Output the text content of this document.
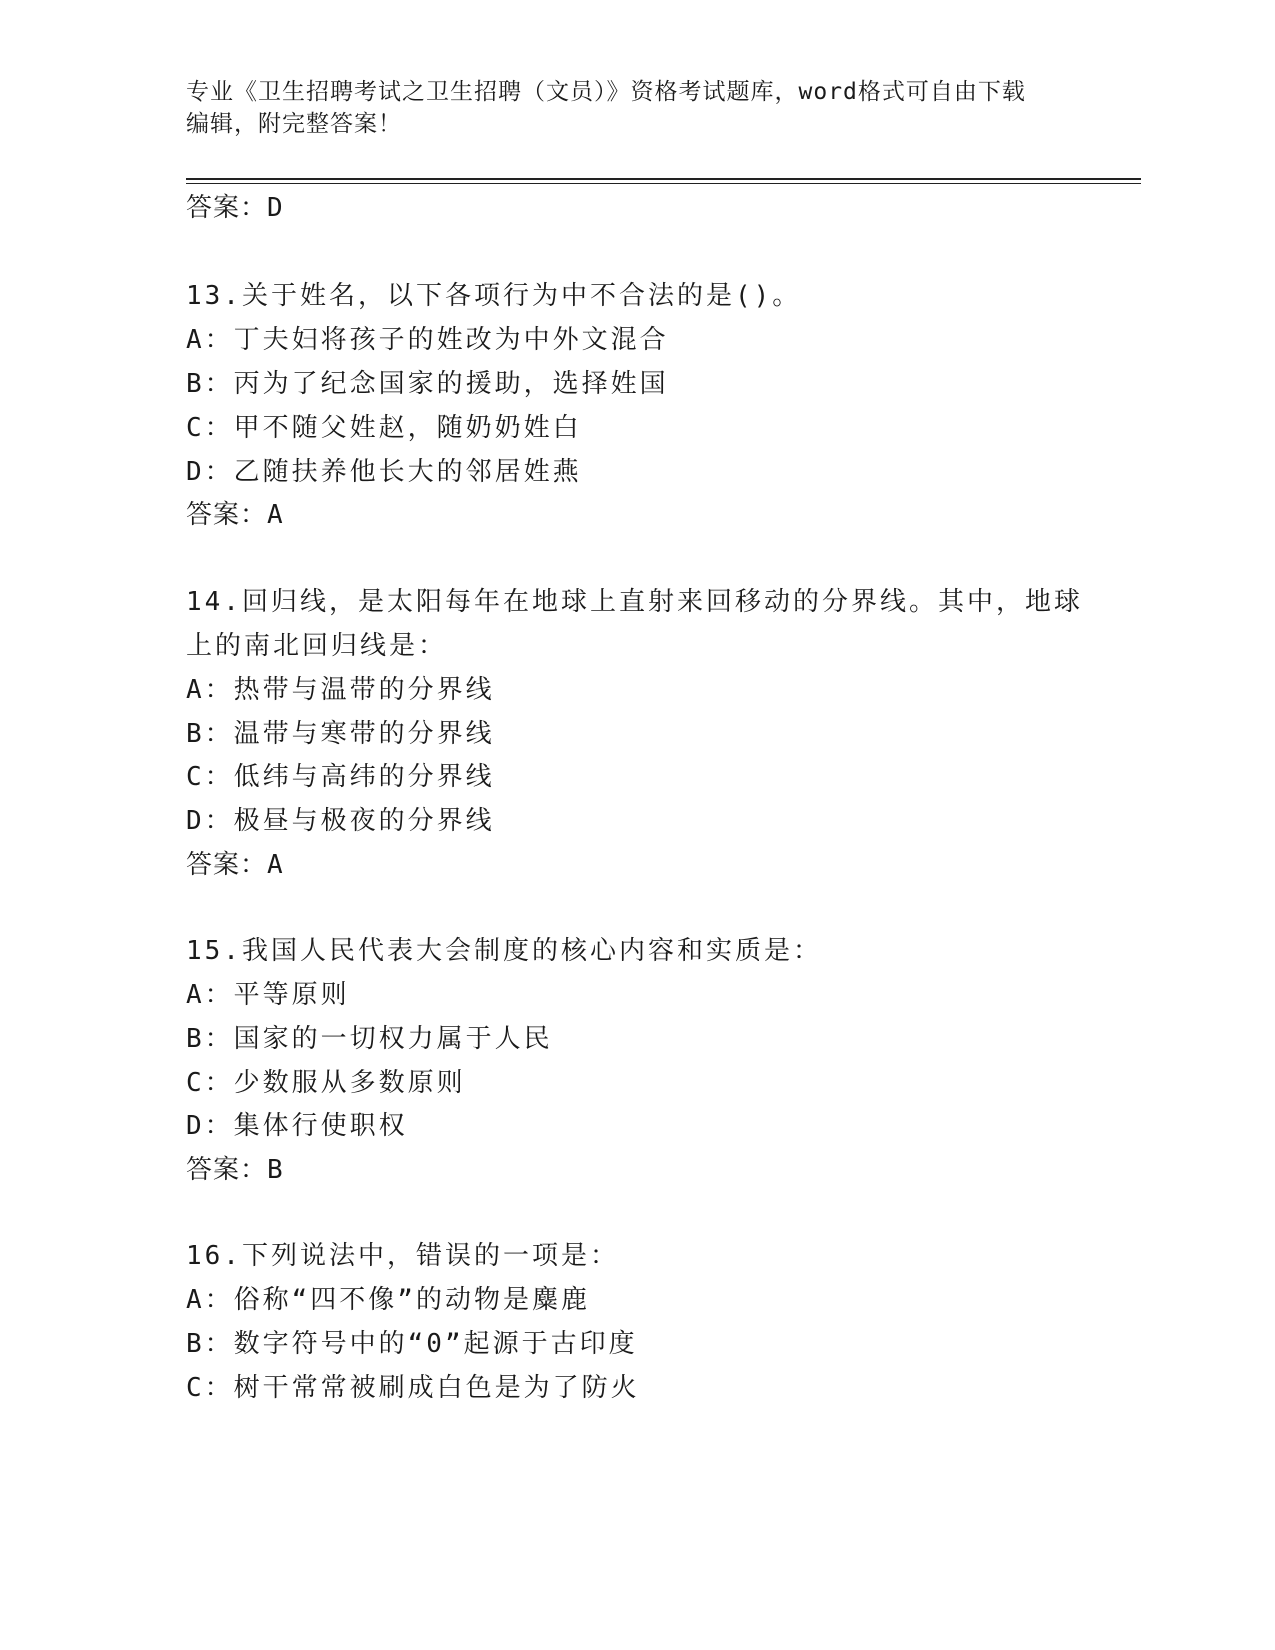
专业《卫生招聘考试之卫生招聘（文员）》资格考试题库，word格式可自由下载
编辑，附完整答案！
答案：D
13.关于姓名，以下各项行为中不合法的是()。
A：丁夫妇将孩子的姓改为中外文混合
B：丙为了纪念国家的援助，选择姓国
C：甲不随父姓赵，随奶奶姓白
D：乙随扶养他长大的邻居姓燕
答案：A
14.回归线，是太阳每年在地球上直射来回移动的分界线。其中，地球
上的南北回归线是：
A：热带与温带的分界线
B：温带与寒带的分界线
C：低纬与高纬的分界线
D：极昼与极夜的分界线
答案：A
15.我国人民代表大会制度的核心内容和实质是：
A：平等原则
B：国家的一切权力属于人民
C：少数服从多数原则
D：集体行使职权
答案：B
16.下列说法中，错误的一项是：
A：俗称“四不像”的动物是麋鹿
B：数字符号中的“0”起源于古印度
C：树干常常被刷成白色是为了防火
